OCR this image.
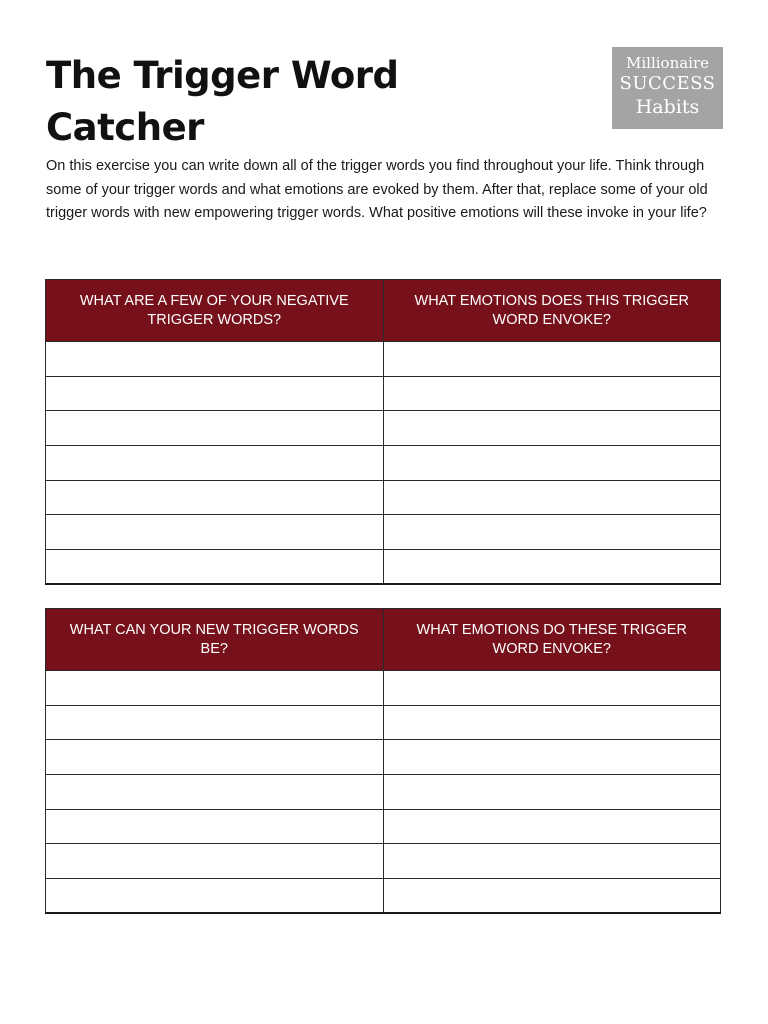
The Trigger Word
Catcher
Millionaire
SUCCESS
Habits

On this exercise you can write down all of the trigger words you find throughout your life. Think through some of your trigger words and what emotions are evoked by them. After that, replace some of your old trigger words with new empowering trigger words. What positive emotions will these invoke in your life?

WHAT ARE A FEW OF YOUR NEGATIVE TRIGGER WORDS?	WHAT EMOTIONS DOES THIS TRIGGER WORD ENVOKE?

WHAT CAN YOUR NEW TRIGGER WORDS BE?	WHAT EMOTIONS DO THESE TRIGGER WORD ENVOKE?
